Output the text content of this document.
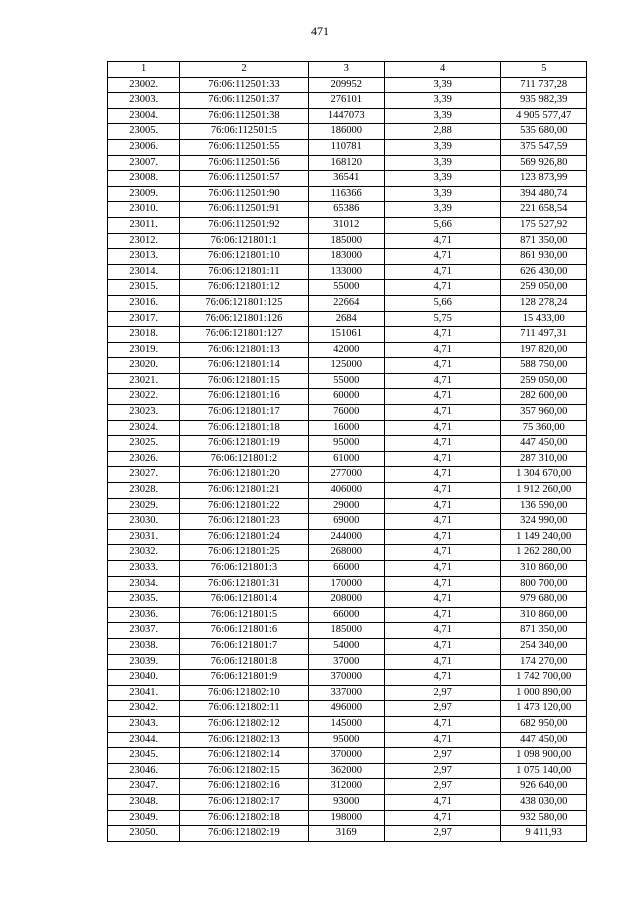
471
1	2	3	4	5
23002.	76:06:112501:33	209952	3,39	711 737,28
23003.	76:06:112501:37	276101	3,39	935 982,39
23004.	76:06:112501:38	1447073	3,39	4 905 577,47
23005.	76:06:112501:5	186000	2,88	535 680,00
23006.	76:06:112501:55	110781	3,39	375 547,59
23007.	76:06:112501:56	168120	3,39	569 926,80
23008.	76:06:112501:57	36541	3,39	123 873,99
23009.	76:06:112501:90	116366	3,39	394 480,74
23010.	76:06:112501:91	65386	3,39	221 658,54
23011.	76:06:112501:92	31012	5,66	175 527,92
23012.	76:06:121801:1	185000	4,71	871 350,00
23013.	76:06:121801:10	183000	4,71	861 930,00
23014.	76:06:121801:11	133000	4,71	626 430,00
23015.	76:06:121801:12	55000	4,71	259 050,00
23016.	76:06:121801:125	22664	5,66	128 278,24
23017.	76:06:121801:126	2684	5,75	15 433,00
23018.	76:06:121801:127	151061	4,71	711 497,31
23019.	76:06:121801:13	42000	4,71	197 820,00
23020.	76:06:121801:14	125000	4,71	588 750,00
23021.	76:06:121801:15	55000	4,71	259 050,00
23022.	76:06:121801:16	60000	4,71	282 600,00
23023.	76:06:121801:17	76000	4,71	357 960,00
23024.	76:06:121801:18	16000	4,71	75 360,00
23025.	76:06:121801:19	95000	4,71	447 450,00
23026.	76:06:121801:2	61000	4,71	287 310,00
23027.	76:06:121801:20	277000	4,71	1 304 670,00
23028.	76:06:121801:21	406000	4,71	1 912 260,00
23029.	76:06:121801:22	29000	4,71	136 590,00
23030.	76:06:121801:23	69000	4,71	324 990,00
23031.	76:06:121801:24	244000	4,71	1 149 240,00
23032.	76:06:121801:25	268000	4,71	1 262 280,00
23033.	76:06:121801:3	66000	4,71	310 860,00
23034.	76:06:121801:31	170000	4,71	800 700,00
23035.	76:06:121801:4	208000	4,71	979 680,00
23036.	76:06:121801:5	66000	4,71	310 860,00
23037.	76:06:121801:6	185000	4,71	871 350,00
23038.	76:06:121801:7	54000	4,71	254 340,00
23039.	76:06:121801:8	37000	4,71	174 270,00
23040.	76:06:121801:9	370000	4,71	1 742 700,00
23041.	76:06:121802:10	337000	2,97	1 000 890,00
23042.	76:06:121802:11	496000	2,97	1 473 120,00
23043.	76:06:121802:12	145000	4,71	682 950,00
23044.	76:06:121802:13	95000	4,71	447 450,00
23045.	76:06:121802:14	370000	2,97	1 098 900,00
23046.	76:06:121802:15	362000	2,97	1 075 140,00
23047.	76:06:121802:16	312000	2,97	926 640,00
23048.	76:06:121802:17	93000	4,71	438 030,00
23049.	76:06:121802:18	198000	4,71	932 580,00
23050.	76:06:121802:19	3169	2,97	9 411,93
